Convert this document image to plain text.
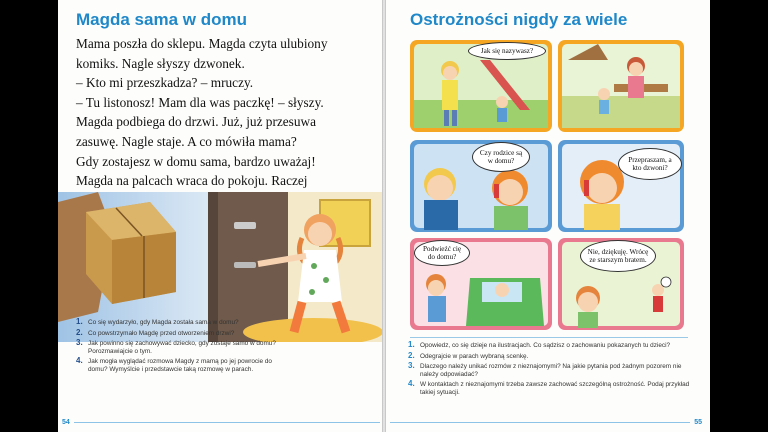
Magda sama w domu

Mama poszła do sklepu. Magda czyta ulubiony

komiks. Nagle słyszy dzwonek.

– Kto mi przeszkadza? – mruczy.

– Tu listonosz! Mam dla was paczkę! – słyszy.

Magda podbiega do drzwi. Już, już przesuwa

zasuwę. Nagle staje. A co mówiła mama?

Gdy zostajesz w domu sama, bardzo uważaj!

Magda na palcach wraca do pokoju. Raczej

1. Co się wydarzyło, gdy Magda została sama w domu?
2. Co powstrzymało Magdę przed otworzeniem drzwi?
3. Jak powinno się zachowywać dziecko, gdy zostaje samo w domu? Porozmawiajcie o tym.
4. Jak mogła wyglądać rozmowa Magdy z mamą po jej powrocie do domu? Wymyślcie i przedstawcie taką rozmowę w parach.
54
Ostrożności nigdy za wiele
Jak się nazywasz?
Czy rodzice są w domu?	Przepraszam, a kto dzwoni?
Podwieźć cię do domu?
Nie, dziękuję. Wrócę ze starszym bratem.
1. Opowiedz, co się dzieje na ilustracjach. Co sądzisz o zachowaniu pokazanych tu dzieci?
2. Odegrajcie w parach wybraną scenkę.
3. Dlaczego należy unikać rozmów z nieznajomymi? Na jakie pytania pod żadnym pozorem nie należy odpowiadać?
4. W kontaktach z nieznajomymi trzeba zawsze zachować szczególną ostrożność. Podaj przykład takiej sytuacji.
55
